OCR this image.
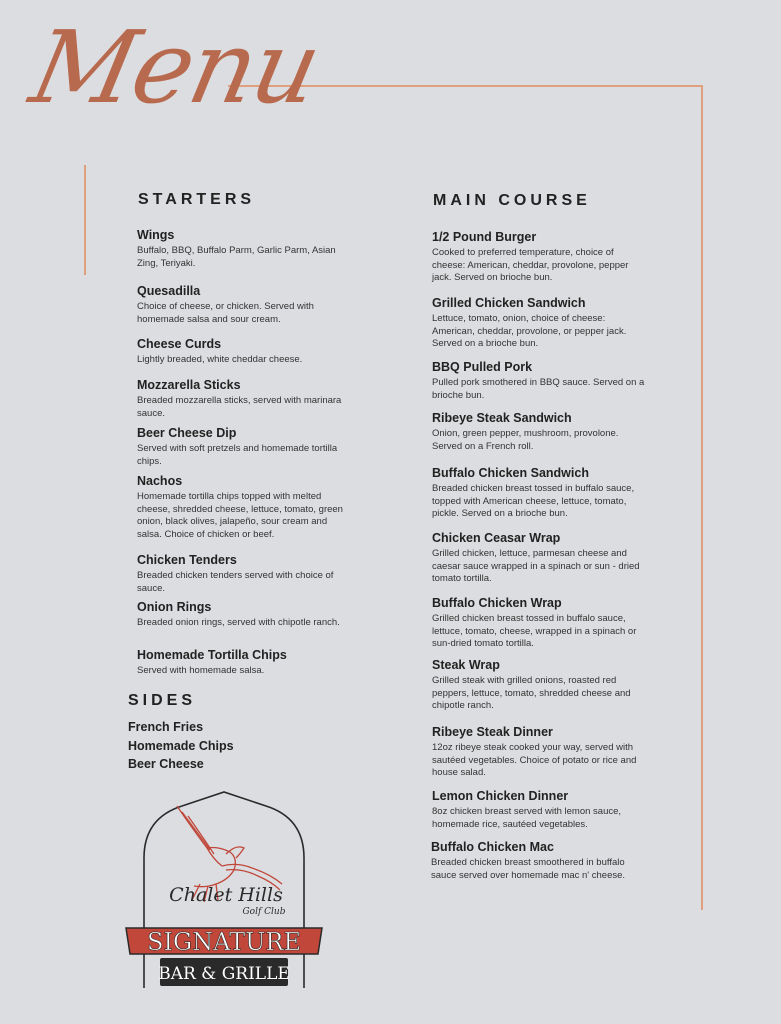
Menu
STARTERS
Wings
Buffalo, BBQ, Buffalo Parm, Garlic Parm, Asian Zing, Teriyaki.
Quesadilla
Choice of cheese, or chicken. Served with homemade salsa and sour cream.
Cheese Curds
Lightly breaded, white cheddar cheese.
Mozzarella Sticks
Breaded mozzarella sticks, served with marinara sauce.
Beer Cheese Dip
Served with soft pretzels and homemade tortilla chips.
Nachos
Homemade tortilla chips topped with melted cheese, shredded cheese, lettuce, tomato, green onion, black olives, jalapeño, sour cream and salsa. Choice of chicken or beef.
Chicken Tenders
Breaded chicken tenders served with choice of sauce.
Onion Rings
Breaded onion rings, served with chipotle ranch.
Homemade Tortilla Chips
Served with homemade salsa.
SIDES
French Fries
Homemade Chips
Beer Cheese
MAIN COURSE
1/2 Pound Burger
Cooked to preferred temperature, choice of cheese: American, cheddar, provolone, pepper jack. Served on brioche bun.
Grilled Chicken Sandwich
Lettuce, tomato, onion, choice of cheese: American, cheddar, provolone, or pepper jack. Served on a brioche bun.
BBQ Pulled Pork
Pulled pork smothered in BBQ sauce. Served on a brioche bun.
Ribeye Steak Sandwich
Onion, green pepper, mushroom, provolone. Served on a French roll.
Buffalo Chicken Sandwich
Breaded chicken breast tossed in buffalo sauce, topped with American cheese, lettuce, tomato, pickle. Served on a brioche bun.
Chicken Ceasar Wrap
Grilled chicken, lettuce, parmesan cheese and caesar sauce wrapped in a spinach or sun - dried tomato tortilla.
Buffalo Chicken Wrap
Grilled chicken breast tossed in buffalo sauce, lettuce, tomato, cheese, wrapped in a spinach or sun-dried tomato tortilla.
Steak Wrap
Grilled steak with grilled onions, roasted red peppers, lettuce, tomato, shredded cheese and chipotle ranch.
Ribeye Steak Dinner
12oz ribeye steak cooked your way, served with sautéed vegetables. Choice of potato or rice and house salad.
Lemon Chicken Dinner
8oz chicken breast served with lemon sauce, homemade rice, sautéed vegetables.
Buffalo Chicken Mac
Breaded chicken breast smoothered in buffalo sauce served over homemade mac n' cheese.
Chalet Hills
Golf Club
SIGNATURE
BAR & GRILLE
